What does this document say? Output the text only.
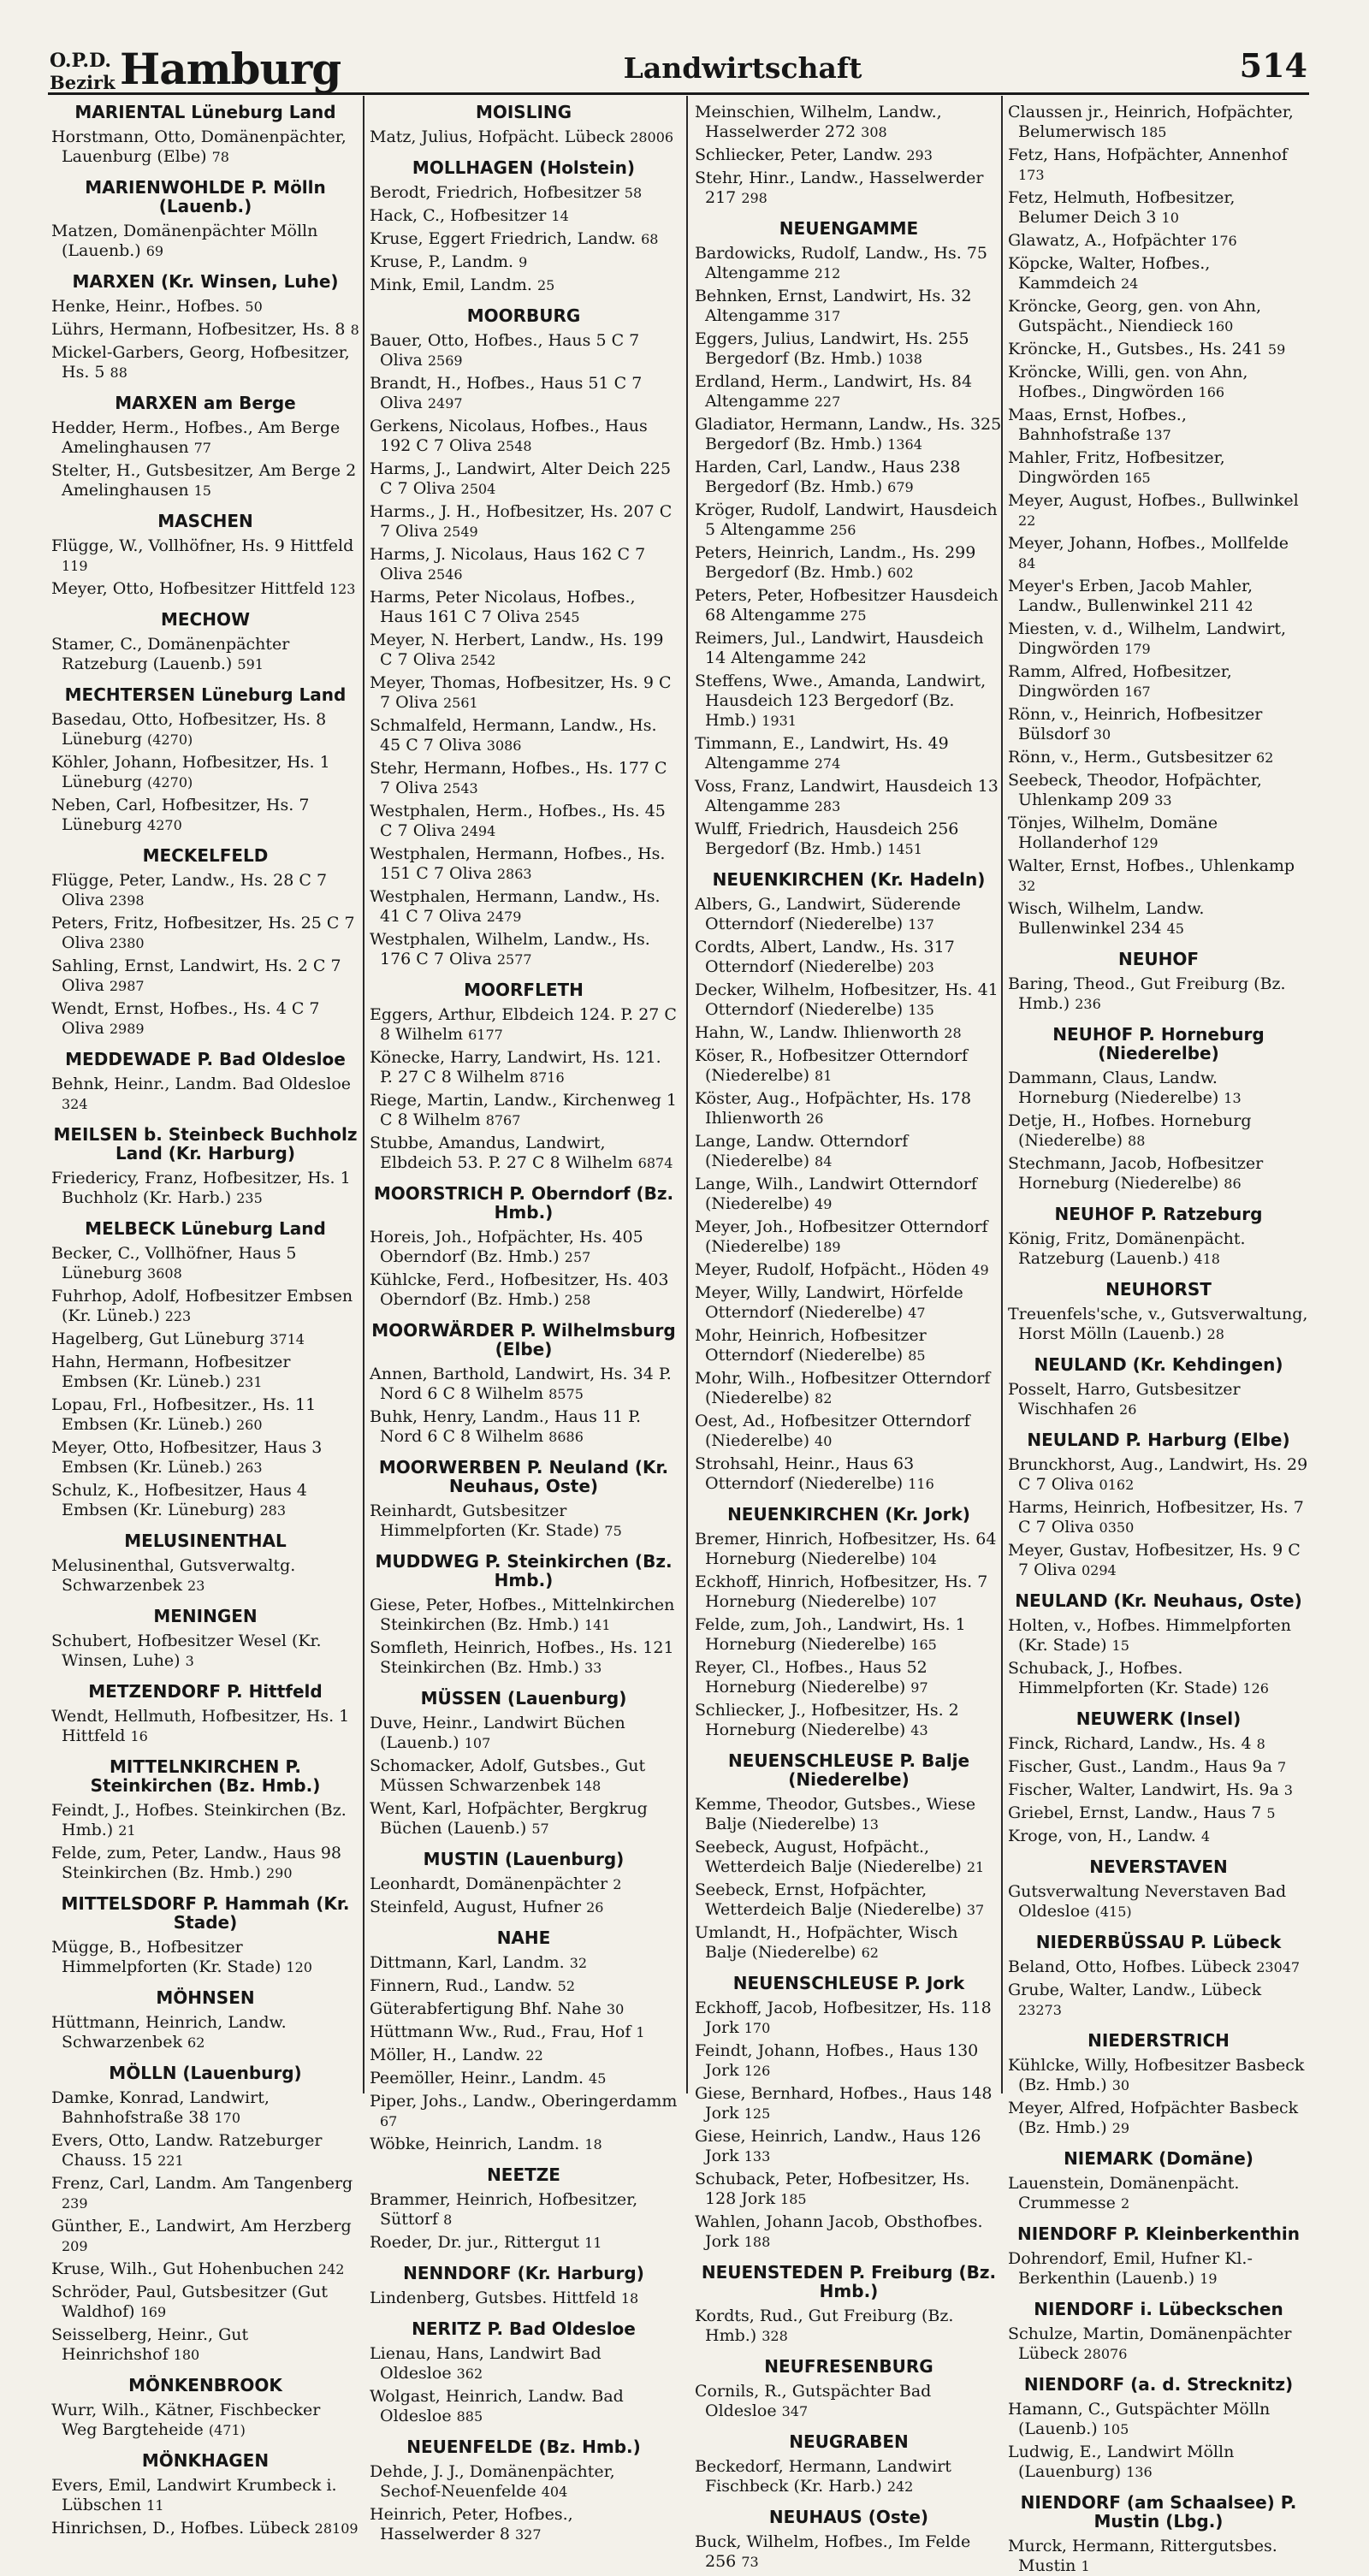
O.P.D.
Bezirk Hamburg	Landwirtschaft	514
MARIENTAL Lüneburg Land
Horstmann, Otto, Domänenpächter, Lauenburg (Elbe) 78
MARIENWOHLDE P. Mölln (Lauenb.)
Matzen, Domänenpächter Mölln (Lauenb.) 69
MARXEN (Kr. Winsen, Luhe)
Henke, Heinr., Hofbes. 50
Lührs, Hermann, Hofbesitzer, Hs. 8 8
Mickel-Garbers, Georg, Hofbesitzer, Hs. 5 88
MARXEN am Berge
Hedder, Herm., Hofbes., Am Berge Amelinghausen 77
Stelter, H., Gutsbesitzer, Am Berge 2 Amelinghausen 15
MASCHEN
Flügge, W., Vollhöfner, Hs. 9 Hittfeld 119
Meyer, Otto, Hofbesitzer Hittfeld 123
MECHOW
Stamer, C., Domänenpächter Ratzeburg (Lauenb.) 591
MECHTERSEN Lüneburg Land
Basedau, Otto, Hofbesitzer, Hs. 8 Lüneburg (4270)
Köhler, Johann, Hofbesitzer, Hs. 1 Lüneburg (4270)
Neben, Carl, Hofbesitzer, Hs. 7 Lüneburg 4270
MECKELFELD
Flügge, Peter, Landw., Hs. 28 C 7 Oliva 2398
Peters, Fritz, Hofbesitzer, Hs. 25 C 7 Oliva 2380
Sahling, Ernst, Landwirt, Hs. 2 C 7 Oliva 2987
Wendt, Ernst, Hofbes., Hs. 4 C 7 Oliva 2989
MEDDEWADE P. Bad Oldesloe
Behnk, Heinr., Landm. Bad Oldesloe 324
MEILSEN b. Steinbeck Buchholz Land (Kr. Harburg)
Friedericy, Franz, Hofbesitzer, Hs. 1 Buchholz (Kr. Harb.) 235
MELBECK Lüneburg Land
Becker, C., Vollhöfner, Haus 5 Lüneburg 3608
Fuhrhop, Adolf, Hofbesitzer Embsen (Kr. Lüneb.) 223
Hagelberg, Gut Lüneburg 3714
Hahn, Hermann, Hofbesitzer Embsen (Kr. Lüneb.) 231
Lopau, Frl., Hofbesitzer., Hs. 11 Embsen (Kr. Lüneb.) 260
Meyer, Otto, Hofbesitzer, Haus 3 Embsen (Kr. Lüneb.) 263
Schulz, K., Hofbesitzer, Haus 4 Embsen (Kr. Lüneburg) 283
MELUSINENTHAL
Melusinenthal, Gutsverwaltg. Schwarzenbek 23
MENINGEN
Schubert, Hofbesitzer Wesel (Kr. Winsen, Luhe) 3
METZENDORF P. Hittfeld
Wendt, Hellmuth, Hofbesitzer, Hs. 1 Hittfeld 16
MITTELNKIRCHEN P. Steinkirchen (Bz. Hmb.)
Feindt, J., Hofbes. Steinkirchen (Bz. Hmb.) 21
Felde, zum, Peter, Landw., Haus 98 Steinkirchen (Bz. Hmb.) 290
MITTELSDORF P. Hammah (Kr. Stade)
Mügge, B., Hofbesitzer Himmelpforten (Kr. Stade) 120
MÖHNSEN
Hüttmann, Heinrich, Landw. Schwarzenbek 62
MÖLLN (Lauenburg)
Damke, Konrad, Landwirt, Bahnhofstraße 38 170
Evers, Otto, Landw. Ratzeburger Chauss. 15 221
Frenz, Carl, Landm. Am Tangenberg 239
Günther, E., Landwirt, Am Herzberg 209
Kruse, Wilh., Gut Hohenbuchen 242
Schröder, Paul, Gutsbesitzer (Gut Waldhof) 169
Seisselberg, Heinr., Gut Heinrichshof 180
MÖNKENBROOK
Wurr, Wilh., Kätner, Fischbecker Weg Bargteheide (471)
MÖNKHAGEN
Evers, Emil, Landwirt Krumbeck i. Lübschen 11
Hinrichsen, D., Hofbes. Lübeck 28109
MOISLING
Matz, Julius, Hofpächt. Lübeck 28006
MOLLHAGEN (Holstein)
Berodt, Friedrich, Hofbesitzer 58
Hack, C., Hofbesitzer 14
Kruse, Eggert Friedrich, Landw. 68
Kruse, P., Landm. 9
Mink, Emil, Landm. 25
MOORBURG
Bauer, Otto, Hofbes., Haus 5 C 7 Oliva 2569
Brandt, H., Hofbes., Haus 51 C 7 Oliva 2497
Gerkens, Nicolaus, Hofbes., Haus 192 C 7 Oliva 2548
Harms, J., Landwirt, Alter Deich 225 C 7 Oliva 2504
Harms., J. H., Hofbesitzer, Hs. 207 C 7 Oliva 2549
Harms, J. Nicolaus, Haus 162 C 7 Oliva 2546
Harms, Peter Nicolaus, Hofbes., Haus 161 C 7 Oliva 2545
Meyer, N. Herbert, Landw., Hs. 199 C 7 Oliva 2542
Meyer, Thomas, Hofbesitzer, Hs. 9 C 7 Oliva 2561
Schmalfeld, Hermann, Landw., Hs. 45 C 7 Oliva 3086
Stehr, Hermann, Hofbes., Hs. 177 C 7 Oliva 2543
Westphalen, Herm., Hofbes., Hs. 45 C 7 Oliva 2494
Westphalen, Hermann, Hofbes., Hs. 151 C 7 Oliva 2863
Westphalen, Hermann, Landw., Hs. 41 C 7 Oliva 2479
Westphalen, Wilhelm, Landw., Hs. 176 C 7 Oliva 2577
MOORFLETH
Eggers, Arthur, Elbdeich 124. P. 27 C 8 Wilhelm 6177
Könecke, Harry, Landwirt, Hs. 121. P. 27 C 8 Wilhelm 8716
Riege, Martin, Landw., Kirchenweg 1 C 8 Wilhelm 8767
Stubbe, Amandus, Landwirt, Elbdeich 53. P. 27 C 8 Wilhelm 6874
MOORSTRICH P. Oberndorf (Bz. Hmb.)
Horeis, Joh., Hofpächter, Hs. 405 Oberndorf (Bz. Hmb.) 257
Kühlcke, Ferd., Hofbesitzer, Hs. 403 Oberndorf (Bz. Hmb.) 258
MOORWÄRDER P. Wilhelmsburg (Elbe)
Annen, Barthold, Landwirt, Hs. 34 P. Nord 6 C 8 Wilhelm 8575
Buhk, Henry, Landm., Haus 11 P. Nord 6 C 8 Wilhelm 8686
MOORWERBEN P. Neuland (Kr. Neuhaus, Oste)
Reinhardt, Gutsbesitzer Himmelpforten (Kr. Stade) 75
MUDDWEG P. Steinkirchen (Bz. Hmb.)
Giese, Peter, Hofbes., Mittelnkirchen Steinkirchen (Bz. Hmb.) 141
Somfleth, Heinrich, Hofbes., Hs. 121 Steinkirchen (Bz. Hmb.) 33
MÜSSEN (Lauenburg)
Duve, Heinr., Landwirt Büchen (Lauenb.) 107
Schomacker, Adolf, Gutsbes., Gut Müssen Schwarzenbek 148
Went, Karl, Hofpächter, Bergkrug Büchen (Lauenb.) 57
MUSTIN (Lauenburg)
Leonhardt, Domänenpächter 2
Steinfeld, August, Hufner 26
NAHE
Dittmann, Karl, Landm. 32
Finnern, Rud., Landw. 52
Güterabfertigung Bhf. Nahe 30
Hüttmann Ww., Rud., Frau, Hof 1
Möller, H., Landw. 22
Peemöller, Heinr., Landm. 45
Piper, Johs., Landw., Oberingerdamm 67
Wöbke, Heinrich, Landm. 18
NEETZE
Brammer, Heinrich, Hofbesitzer, Süttorf 8
Roeder, Dr. jur., Rittergut 11
NENNDORF (Kr. Harburg)
Lindenberg, Gutsbes. Hittfeld 18
NERITZ P. Bad Oldesloe
Lienau, Hans, Landwirt Bad Oldesloe 362
Wolgast, Heinrich, Landw. Bad Oldesloe 885
NEUENFELDE (Bz. Hmb.)
Dehde, J. J., Domänenpächter, Sechof-Neuenfelde 404
Heinrich, Peter, Hofbes., Hasselwerder 8 327
Meinschien, Wilhelm, Landw., Hasselwerder 272 308
Schliecker, Peter, Landw. 293
Stehr, Hinr., Landw., Hasselwerder 217 298
NEUENGAMME
Bardowicks, Rudolf, Landw., Hs. 75 Altengamme 212
Behnken, Ernst, Landwirt, Hs. 32 Altengamme 317
Eggers, Julius, Landwirt, Hs. 255 Bergedorf (Bz. Hmb.) 1038
Erdland, Herm., Landwirt, Hs. 84 Altengamme 227
Gladiator, Hermann, Landw., Hs. 325 Bergedorf (Bz. Hmb.) 1364
Harden, Carl, Landw., Haus 238 Bergedorf (Bz. Hmb.) 679
Kröger, Rudolf, Landwirt, Hausdeich 5 Altengamme 256
Peters, Heinrich, Landm., Hs. 299 Bergedorf (Bz. Hmb.) 602
Peters, Peter, Hofbesitzer Hausdeich 68 Altengamme 275
Reimers, Jul., Landwirt, Hausdeich 14 Altengamme 242
Steffens, Wwe., Amanda, Landwirt, Hausdeich 123 Bergedorf (Bz. Hmb.) 1931
Timmann, E., Landwirt, Hs. 49 Altengamme 274
Voss, Franz, Landwirt, Hausdeich 13 Altengamme 283
Wulff, Friedrich, Hausdeich 256 Bergedorf (Bz. Hmb.) 1451
NEUENKIRCHEN (Kr. Hadeln)
Albers, G., Landwirt, Süderende Otterndorf (Niederelbe) 137
Cordts, Albert, Landw., Hs. 317 Otterndorf (Niederelbe) 203
Decker, Wilhelm, Hofbesitzer, Hs. 41 Otterndorf (Niederelbe) 135
Hahn, W., Landw. Ihlienworth 28
Köser, R., Hofbesitzer Otterndorf (Niederelbe) 81
Köster, Aug., Hofpächter, Hs. 178 Ihlienworth 26
Lange, Landw. Otterndorf (Niederelbe) 84
Lange, Wilh., Landwirt Otterndorf (Niederelbe) 49
Meyer, Joh., Hofbesitzer Otterndorf (Niederelbe) 189
Meyer, Rudolf, Hofpächt., Höden 49
Meyer, Willy, Landwirt, Hörfelde Otterndorf (Niederelbe) 47
Mohr, Heinrich, Hofbesitzer Otterndorf (Niederelbe) 85
Mohr, Wilh., Hofbesitzer Otterndorf (Niederelbe) 82
Oest, Ad., Hofbesitzer Otterndorf (Niederelbe) 40
Strohsahl, Heinr., Haus 63 Otterndorf (Niederelbe) 116
NEUENKIRCHEN (Kr. Jork)
Bremer, Hinrich, Hofbesitzer, Hs. 64 Horneburg (Niederelbe) 104
Eckhoff, Hinrich, Hofbesitzer, Hs. 7 Horneburg (Niederelbe) 107
Felde, zum, Joh., Landwirt, Hs. 1 Horneburg (Niederelbe) 165
Reyer, Cl., Hofbes., Haus 52 Horneburg (Niederelbe) 97
Schliecker, J., Hofbesitzer, Hs. 2 Horneburg (Niederelbe) 43
NEUENSCHLEUSE P. Balje (Niederelbe)
Kemme, Theodor, Gutsbes., Wiese Balje (Niederelbe) 13
Seebeck, August, Hofpächt., Wetterdeich Balje (Niederelbe) 21
Seebeck, Ernst, Hofpächter, Wetterdeich Balje (Niederelbe) 37
Umlandt, H., Hofpächter, Wisch Balje (Niederelbe) 62
NEUENSCHLEUSE P. Jork
Eckhoff, Jacob, Hofbesitzer, Hs. 118 Jork 170
Feindt, Johann, Hofbes., Haus 130 Jork 126
Giese, Bernhard, Hofbes., Haus 148 Jork 125
Giese, Heinrich, Landw., Haus 126 Jork 133
Schuback, Peter, Hofbesitzer, Hs. 128 Jork 185
Wahlen, Johann Jacob, Obsthofbes. Jork 188
NEUENSTEDEN P. Freiburg (Bz. Hmb.)
Kordts, Rud., Gut Freiburg (Bz. Hmb.) 328
NEUFRESENBURG
Cornils, R., Gutspächter Bad Oldesloe 347
NEUGRABEN
Beckedorf, Hermann, Landwirt Fischbeck (Kr. Harb.) 242
NEUHAUS (Oste)
Buck, Wilhelm, Hofbes., Im Felde 256 73
Claussen jr., Heinrich, Hofpächter, Belumerwisch 185
Fetz, Hans, Hofpächter, Annenhof 173
Fetz, Helmuth, Hofbesitzer, Belumer Deich 3 10
Glawatz, A., Hofpächter 176
Köpcke, Walter, Hofbes., Kammdeich 24
Kröncke, Georg, gen. von Ahn, Gutspächt., Niendieck 160
Kröncke, H., Gutsbes., Hs. 241 59
Kröncke, Willi, gen. von Ahn, Hofbes., Dingwörden 166
Maas, Ernst, Hofbes., Bahnhofstraße 137
Mahler, Fritz, Hofbesitzer, Dingwörden 165
Meyer, August, Hofbes., Bullwinkel 22
Meyer, Johann, Hofbes., Mollfelde 84
Meyer's Erben, Jacob Mahler, Landw., Bullenwinkel 211 42
Miesten, v. d., Wilhelm, Landwirt, Dingwörden 179
Ramm, Alfred, Hofbesitzer, Dingwörden 167
Rönn, v., Heinrich, Hofbesitzer Bülsdorf 30
Rönn, v., Herm., Gutsbesitzer 62
Seebeck, Theodor, Hofpächter, Uhlenkamp 209 33
Tönjes, Wilhelm, Domäne Hollanderhof 129
Walter, Ernst, Hofbes., Uhlenkamp 32
Wisch, Wilhelm, Landw. Bullenwinkel 234 45
NEUHOF
Baring, Theod., Gut Freiburg (Bz. Hmb.) 236
NEUHOF P. Horneburg (Niederelbe)
Dammann, Claus, Landw. Horneburg (Niederelbe) 13
Detje, H., Hofbes. Horneburg (Niederelbe) 88
Stechmann, Jacob, Hofbesitzer Horneburg (Niederelbe) 86
NEUHOF P. Ratzeburg
König, Fritz, Domänenpächt. Ratzeburg (Lauenb.) 418
NEUHORST
Treuenfels'sche, v., Gutsverwaltung, Horst Mölln (Lauenb.) 28
NEULAND (Kr. Kehdingen)
Posselt, Harro, Gutsbesitzer Wischhafen 26
NEULAND P. Harburg (Elbe)
Brunckhorst, Aug., Landwirt, Hs. 29 C 7 Oliva 0162
Harms, Heinrich, Hofbesitzer, Hs. 7 C 7 Oliva 0350
Meyer, Gustav, Hofbesitzer, Hs. 9 C 7 Oliva 0294
NEULAND (Kr. Neuhaus, Oste)
Holten, v., Hofbes. Himmelpforten (Kr. Stade) 15
Schuback, J., Hofbes. Himmelpforten (Kr. Stade) 126
NEUWERK (Insel)
Finck, Richard, Landw., Hs. 4 8
Fischer, Gust., Landm., Haus 9a 7
Fischer, Walter, Landwirt, Hs. 9a 3
Griebel, Ernst, Landw., Haus 7 5
Kroge, von, H., Landw. 4
NEVERSTAVEN
Gutsverwaltung Neverstaven Bad Oldesloe (415)
NIEDERBÜSSAU P. Lübeck
Beland, Otto, Hofbes. Lübeck 23047
Grube, Walter, Landw., Lübeck 23273
NIEDERSTRICH
Kühlcke, Willy, Hofbesitzer Basbeck (Bz. Hmb.) 30
Meyer, Alfred, Hofpächter Basbeck (Bz. Hmb.) 29
NIEMARK (Domäne)
Lauenstein, Domänenpächt. Crummesse 2
NIENDORF P. Kleinberkenthin
Dohrendorf, Emil, Hufner Kl.-Berkenthin (Lauenb.) 19
NIENDORF i. Lübeckschen
Schulze, Martin, Domänenpächter Lübeck 28076
NIENDORF (a. d. Strecknitz)
Hamann, C., Gutspächter Mölln (Lauenb.) 105
Ludwig, E., Landwirt Mölln (Lauenburg) 136
NIENDORF (am Schaalsee) P. Mustin (Lbg.)
Murck, Hermann, Rittergutsbes. Mustin 1
